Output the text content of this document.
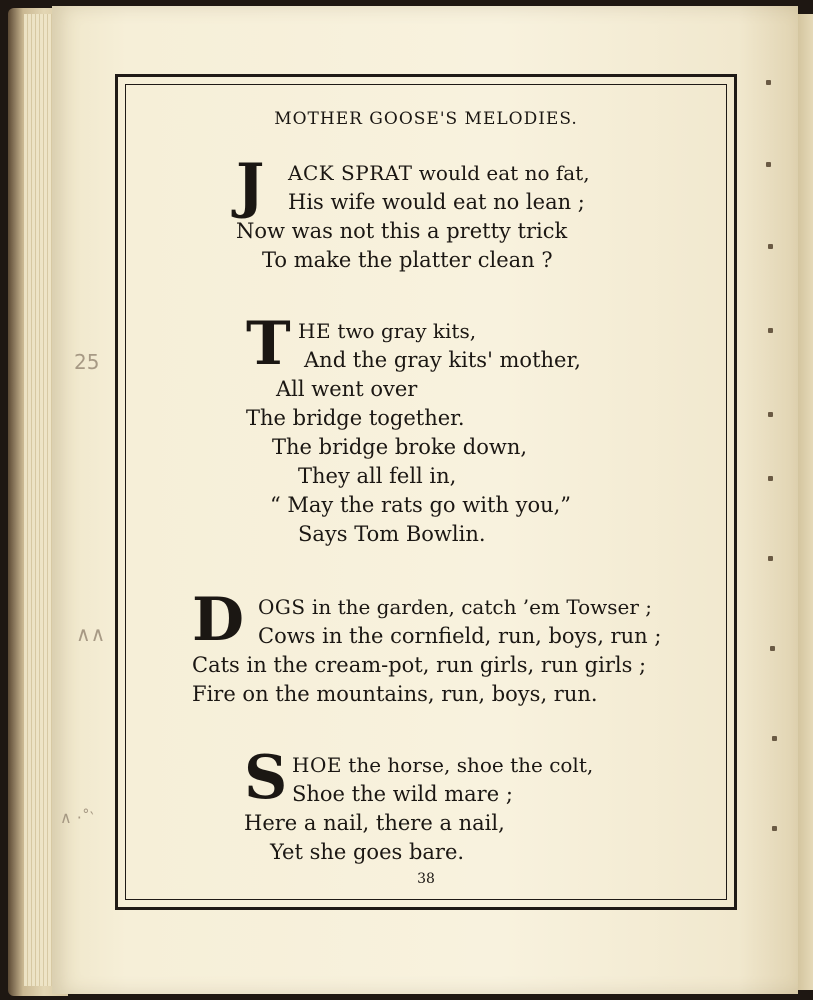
25
∧∧
∧ ·˚‵
MOTHER GOOSE'S MELODIES.
J ACK SPRAT would eat no fat,
His wife would eat no lean ;
Now was not this a pretty trick
To make the platter clean ?
T HE two gray kits,
And the gray kits' mother,
All went over
The bridge together.
The bridge broke down,
They all fell in,
“ May the rats go with you,”
Says Tom Bowlin.
D OGS in the garden, catch ’em Towser ;
Cows in the cornfield, run, boys, run ;
Cats in the cream-pot, run girls, run girls ;
Fire on the mountains, run, boys, run.
S HOE the horse, shoe the colt,
Shoe the wild mare ;
Here a nail, there a nail,
Yet she goes bare.
38
